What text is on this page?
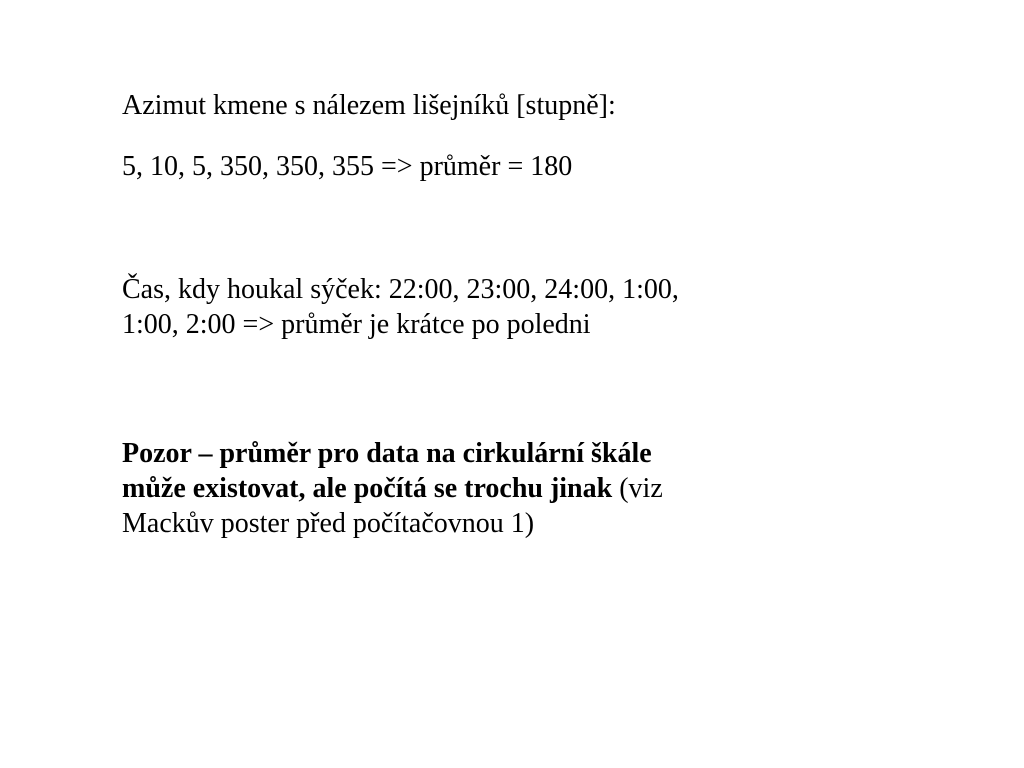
Azimut kmene s nálezem lišejníků [stupně]:

5, 10, 5, 350, 350, 355 => průměr = 180

Čas, kdy houkal sýček: 22:00, 23:00, 24:00, 1:00,
1:00, 2:00 => průměr je krátce po poledni

Pozor – průměr pro data na cirkulární škále
může existovat, ale počítá se trochu jinak (viz
Mackův poster před počítačovnou 1)
